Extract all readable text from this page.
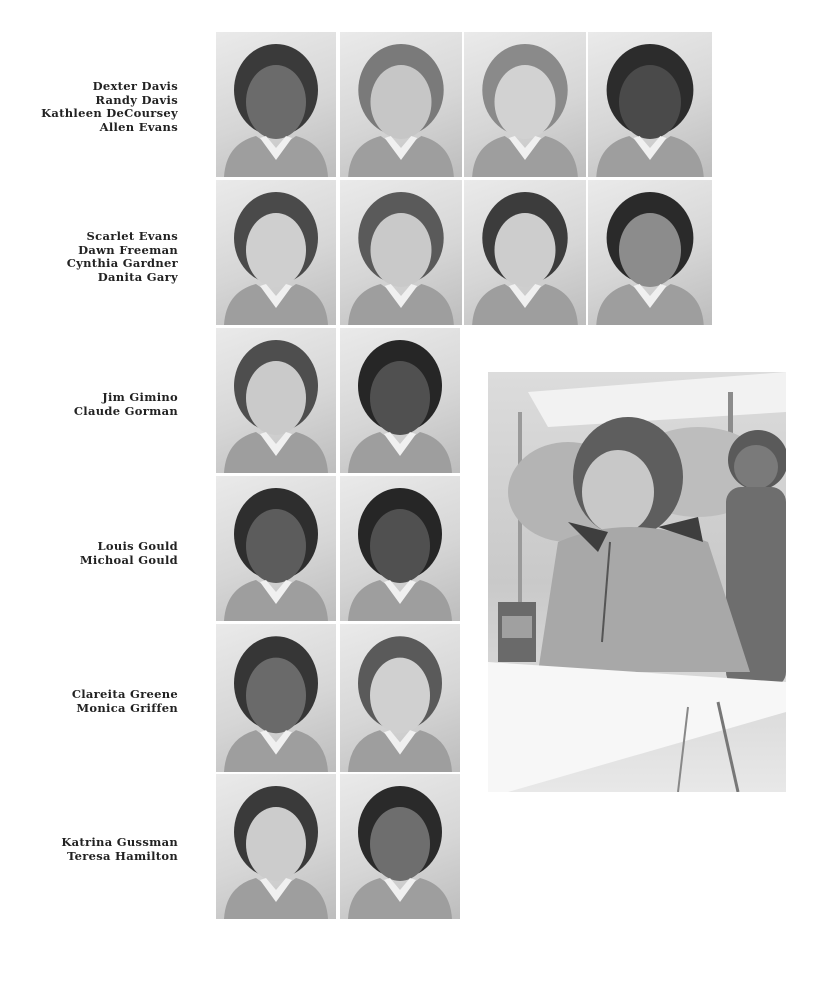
Dexter Davis
Randy Davis
Kathleen DeCoursey
Allen Evans
Scarlet Evans
Dawn Freeman
Cynthia Gardner
Danita Gary
Jim Gimino
Claude Gorman
Louis Gould
Michoal Gould
Clareita Greene
Monica Griffen
Katrina Gussman
Teresa Hamilton
